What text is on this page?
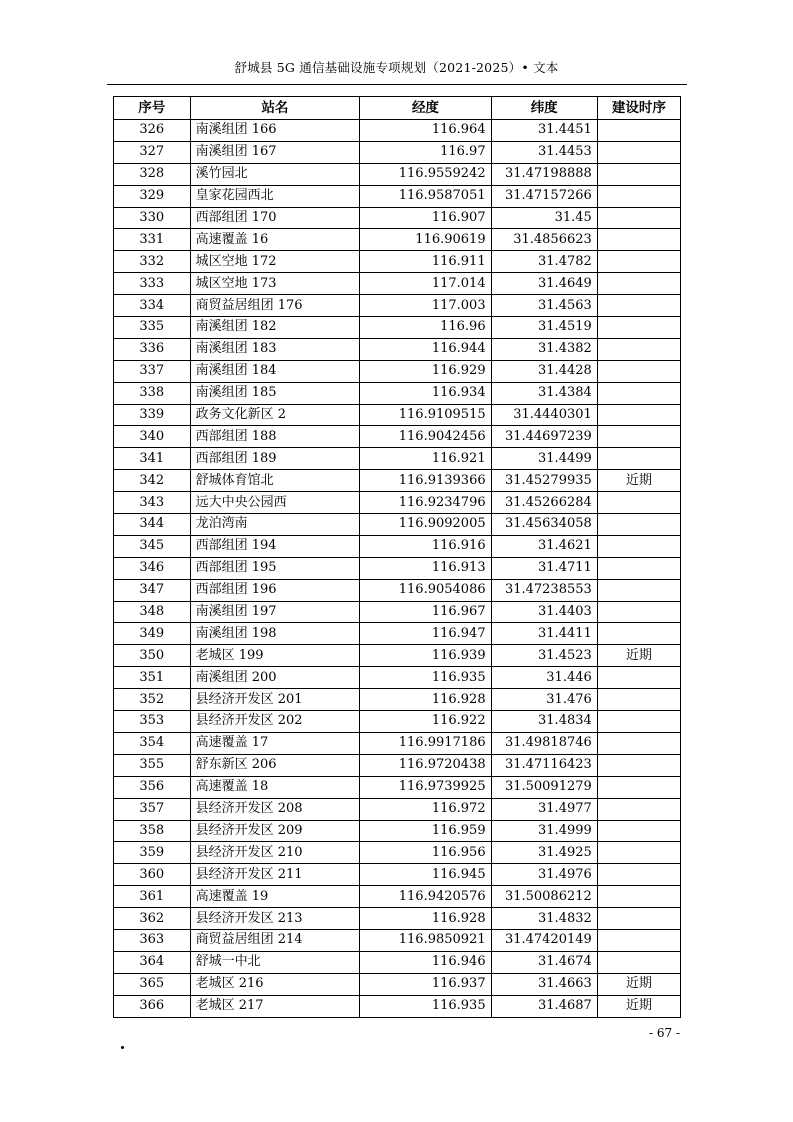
舒城县 5G 通信基础设施专项规划（2021-2025）• 文本
序号	站名	经度	纬度	建设时序
326	南溪组团 166	116.964	31.4451	
327	南溪组团 167	116.97	31.4453	
328	溪竹园北	116.9559242	31.47198888	
329	皇家花园西北	116.9587051	31.47157266	
330	西部组团 170	116.907	31.45	
331	高速覆盖 16	116.90619	31.4856623	
332	城区空地 172	116.911	31.4782	
333	城区空地 173	117.014	31.4649	
334	商贸益居组团 176	117.003	31.4563	
335	南溪组团 182	116.96	31.4519	
336	南溪组团 183	116.944	31.4382	
337	南溪组团 184	116.929	31.4428	
338	南溪组团 185	116.934	31.4384	
339	政务文化新区 2	116.9109515	31.4440301	
340	西部组团 188	116.9042456	31.44697239	
341	西部组团 189	116.921	31.4499	
342	舒城体育馆北	116.9139366	31.45279935	近期
343	远大中央公园西	116.9234796	31.45266284	
344	龙泊湾南	116.9092005	31.45634058	
345	西部组团 194	116.916	31.4621	
346	西部组团 195	116.913	31.4711	
347	西部组团 196	116.9054086	31.47238553	
348	南溪组团 197	116.967	31.4403	
349	南溪组团 198	116.947	31.4411	
350	老城区 199	116.939	31.4523	近期
351	南溪组团 200	116.935	31.446	
352	县经济开发区 201	116.928	31.476	
353	县经济开发区 202	116.922	31.4834	
354	高速覆盖 17	116.9917186	31.49818746	
355	舒东新区 206	116.9720438	31.47116423	
356	高速覆盖 18	116.9739925	31.50091279	
357	县经济开发区 208	116.972	31.4977	
358	县经济开发区 209	116.959	31.4999	
359	县经济开发区 210	116.956	31.4925	
360	县经济开发区 211	116.945	31.4976	
361	高速覆盖 19	116.9420576	31.50086212	
362	县经济开发区 213	116.928	31.4832	
363	商贸益居组团 214	116.9850921	31.47420149	
364	舒城一中北	116.946	31.4674	
365	老城区 216	116.937	31.4663	近期
366	老城区 217	116.935	31.4687	近期
- 67 -
